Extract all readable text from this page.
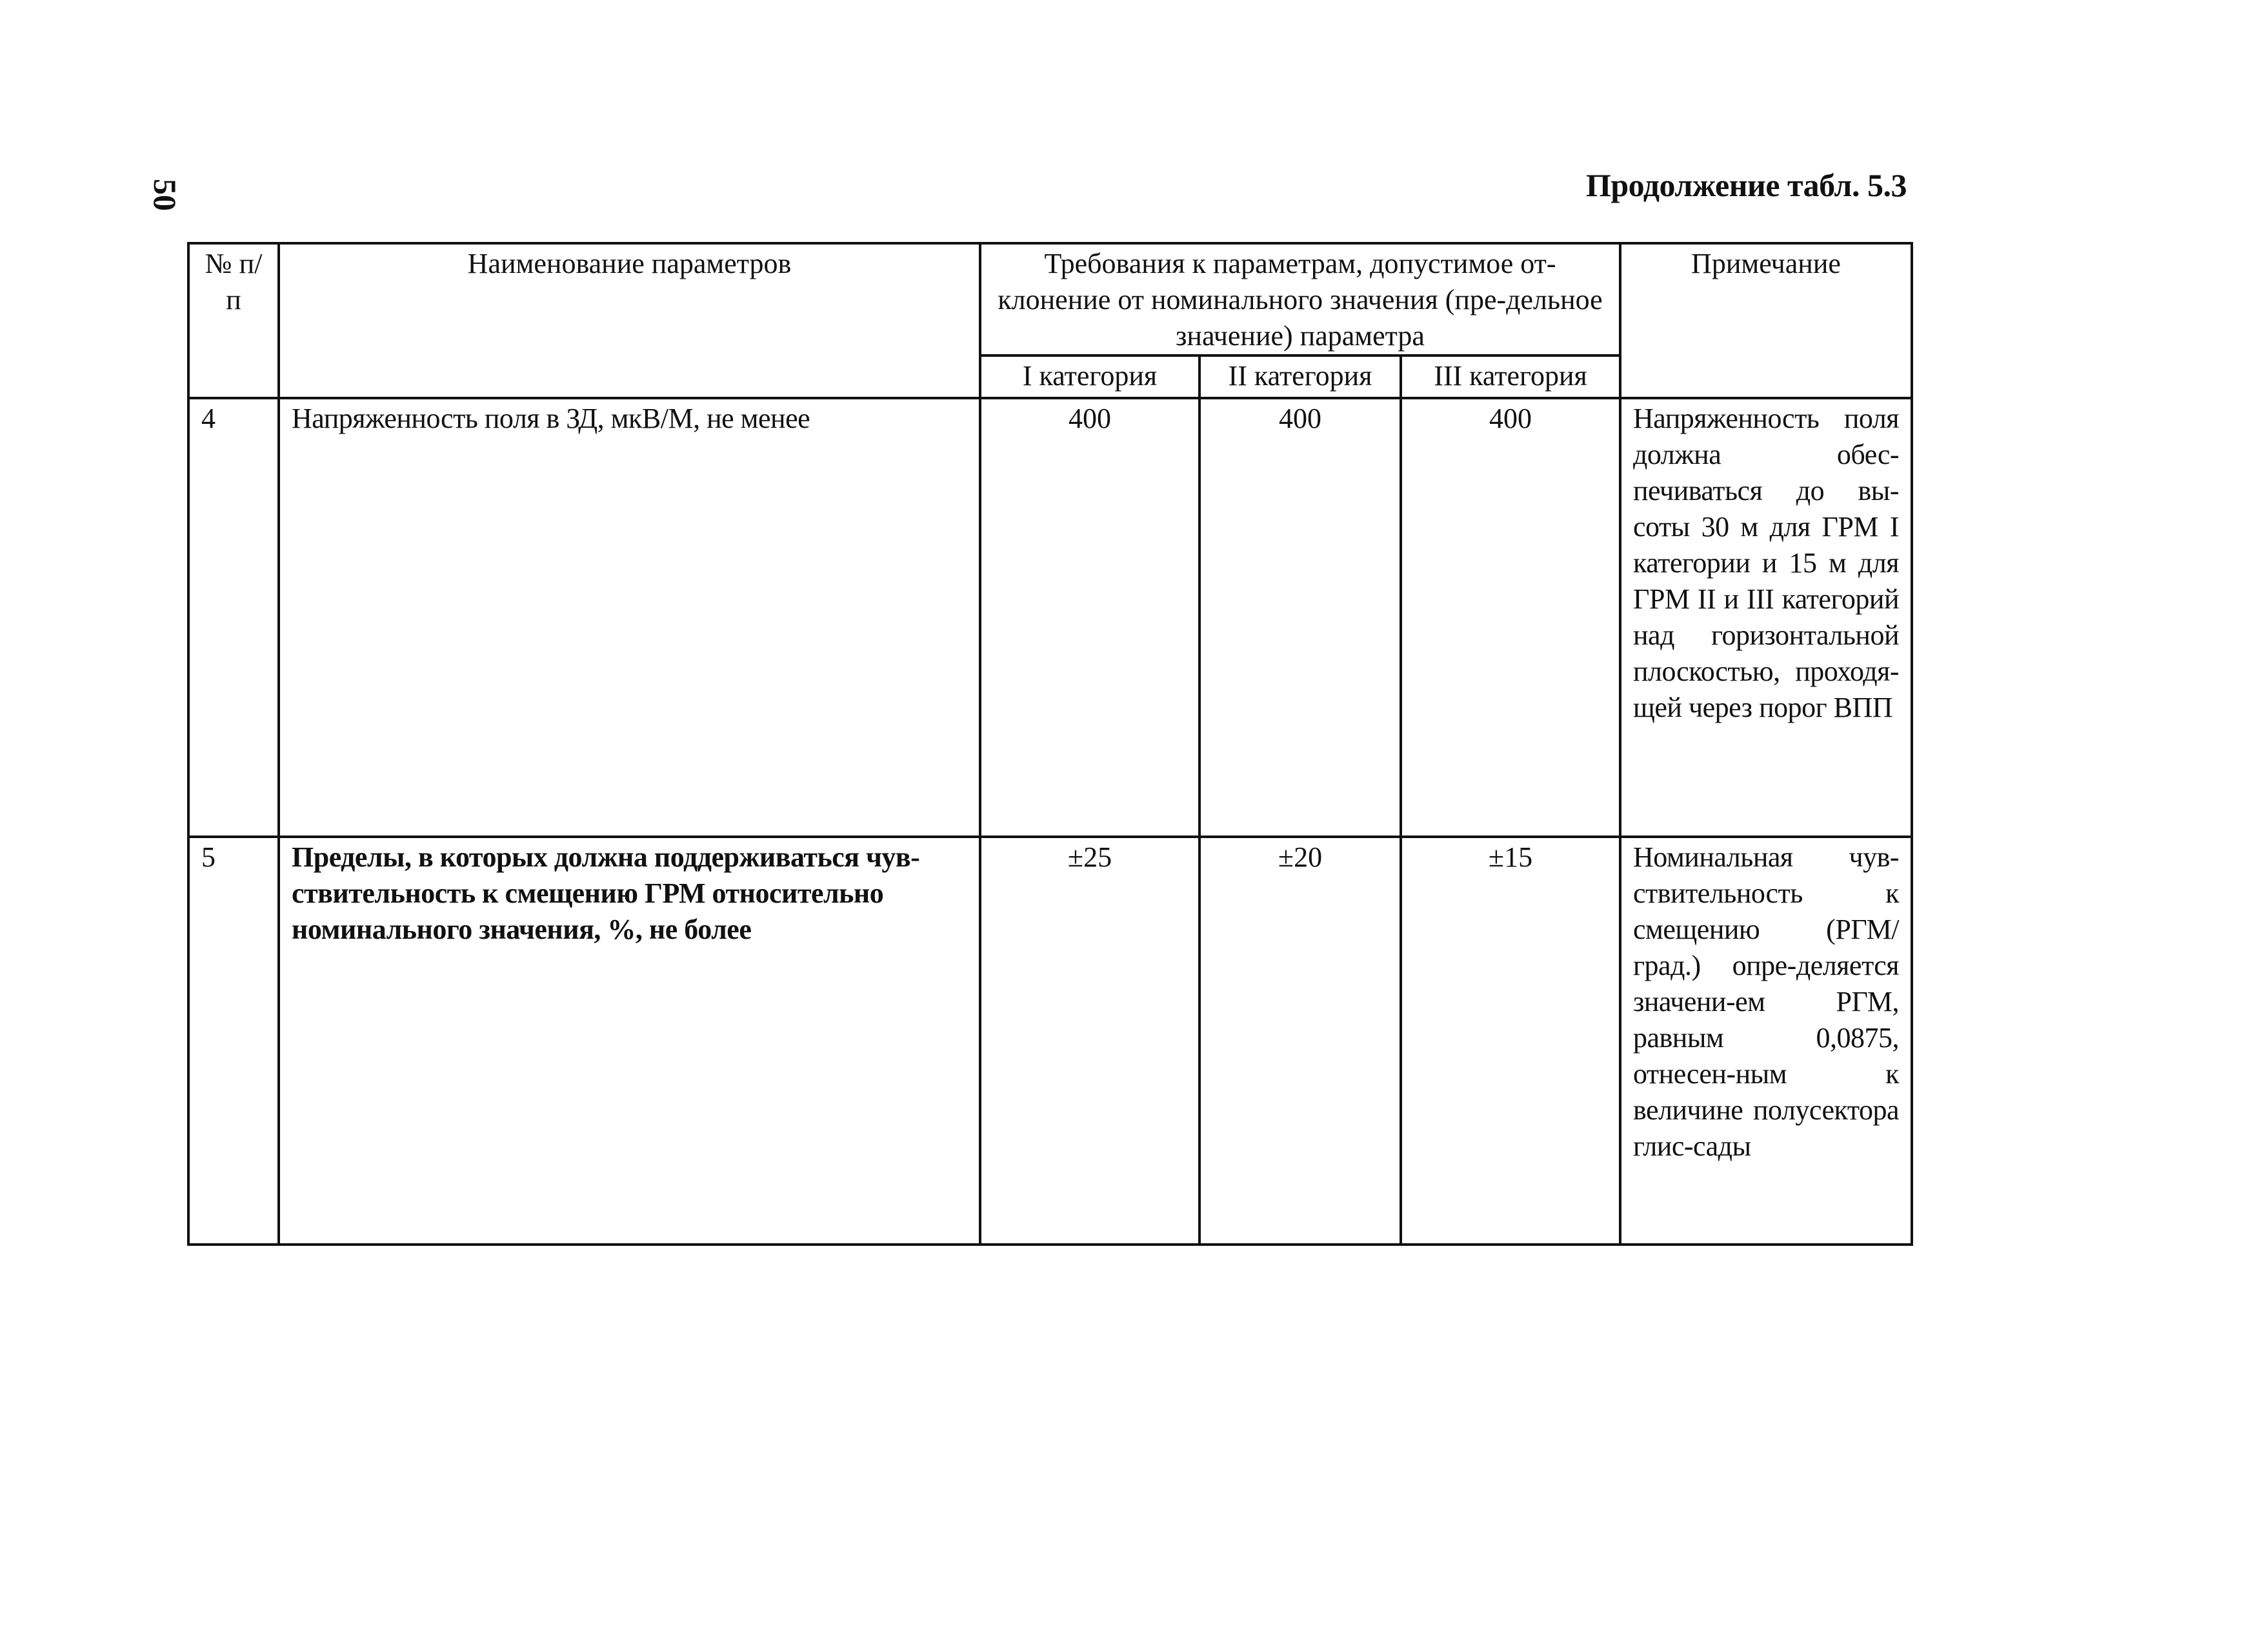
50	Продолжение табл. 5.3
№ п/п	Наименование параметров	Требования к параметрам, допустимое от-клонение от номинального значения (пре-дельное значение) параметра			Примечание
		I категория	II категория	III категория	
4	Напряженность поля в ЗД, мкВ/М, не менее	400	400	400	Напряженность поля должна обес-печиваться до вы-соты 30 м для ГРМ I категории и 15 м для ГРМ II и III категорий над горизонтальной плоскостью, проходя-щей через порог ВПП
5	Пределы, в которых должна поддерживаться чув-ствительность к смещению ГРМ относительно номинального значения, %, не более	±25	±20	±15	Номинальная чув-ствительность к смещению (РГМ/град.) опре-деляется значени-ем РГМ, равным 0,0875, отнесен-ным к величине полусектора глис-сады
